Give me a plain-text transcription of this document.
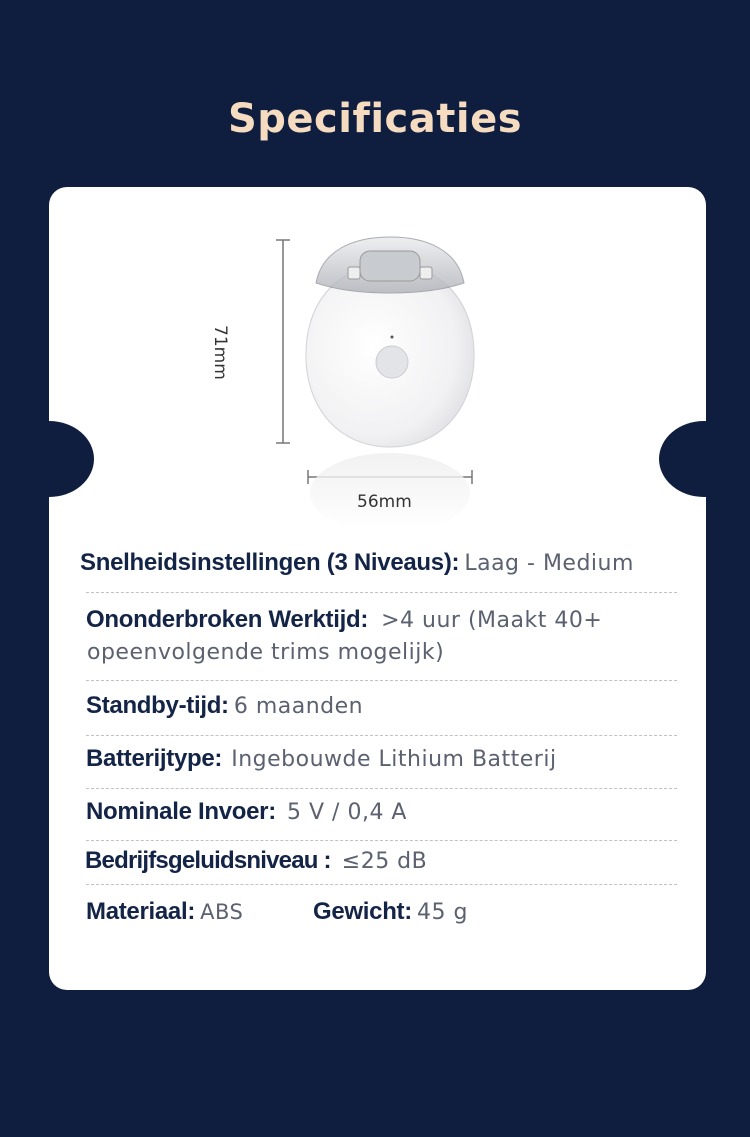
Specificaties
71mm
56mm
Snelheidsinstellingen (3 Niveaus): Laag - Medium
Ononderbroken Werktijd: >4 uur (Maakt 40+
opeenvolgende trims mogelijk)
Standby-tijd: 6 maanden
Batterijtype: Ingebouwde Lithium Batterij
Nominale Invoer: 5 V / 0,4 A
Bedrijfsgeluidsniveau : ≤25 dB
Materiaal: ABS	Gewicht: 45 g
